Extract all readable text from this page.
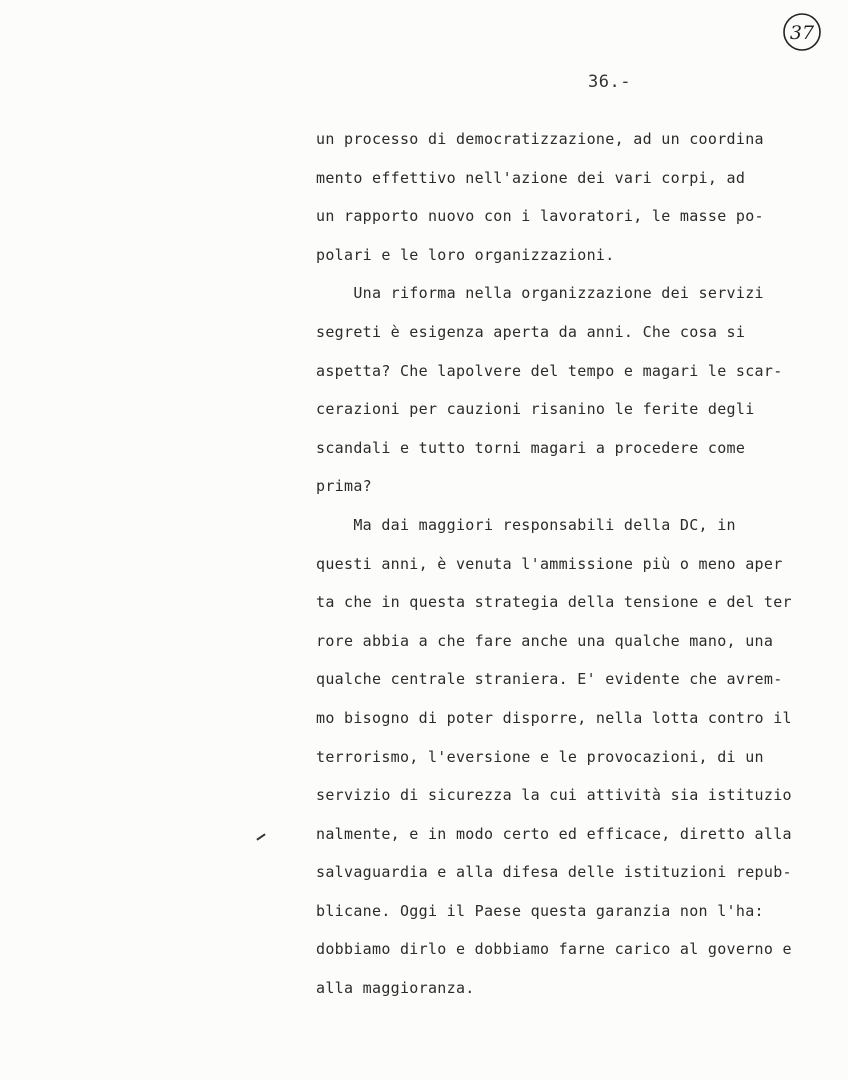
37
36.-
un processo di democratizzazione, ad un coordina
mento effettivo nell'azione dei vari corpi, ad
un rapporto nuovo con i lavoratori, le masse po-
polari e le loro organizzazioni.
Una riforma nella organizzazione dei servizi
segreti è esigenza aperta da anni. Che cosa si
aspetta? Che lapolvere del tempo e magari le scar-
cerazioni per cauzioni risanino le ferite degli
scandali e tutto torni magari a procedere come
prima?
Ma dai maggiori responsabili della DC, in
questi anni, è venuta l'ammissione più o meno aper
ta che in questa strategia della tensione e del ter
rore abbia a che fare anche una qualche mano, una
qualche centrale straniera. E' evidente che avrem-
mo bisogno di poter disporre, nella lotta contro il
terrorismo, l'eversione e le provocazioni, di un
servizio di sicurezza la cui attività sia istituzio
nalmente, e in modo certo ed efficace, diretto alla
salvaguardia e alla difesa delle istituzioni repub-
blicane. Oggi il Paese questa garanzia non l'ha:
dobbiamo dirlo e dobbiamo farne carico al governo e
alla maggioranza.
